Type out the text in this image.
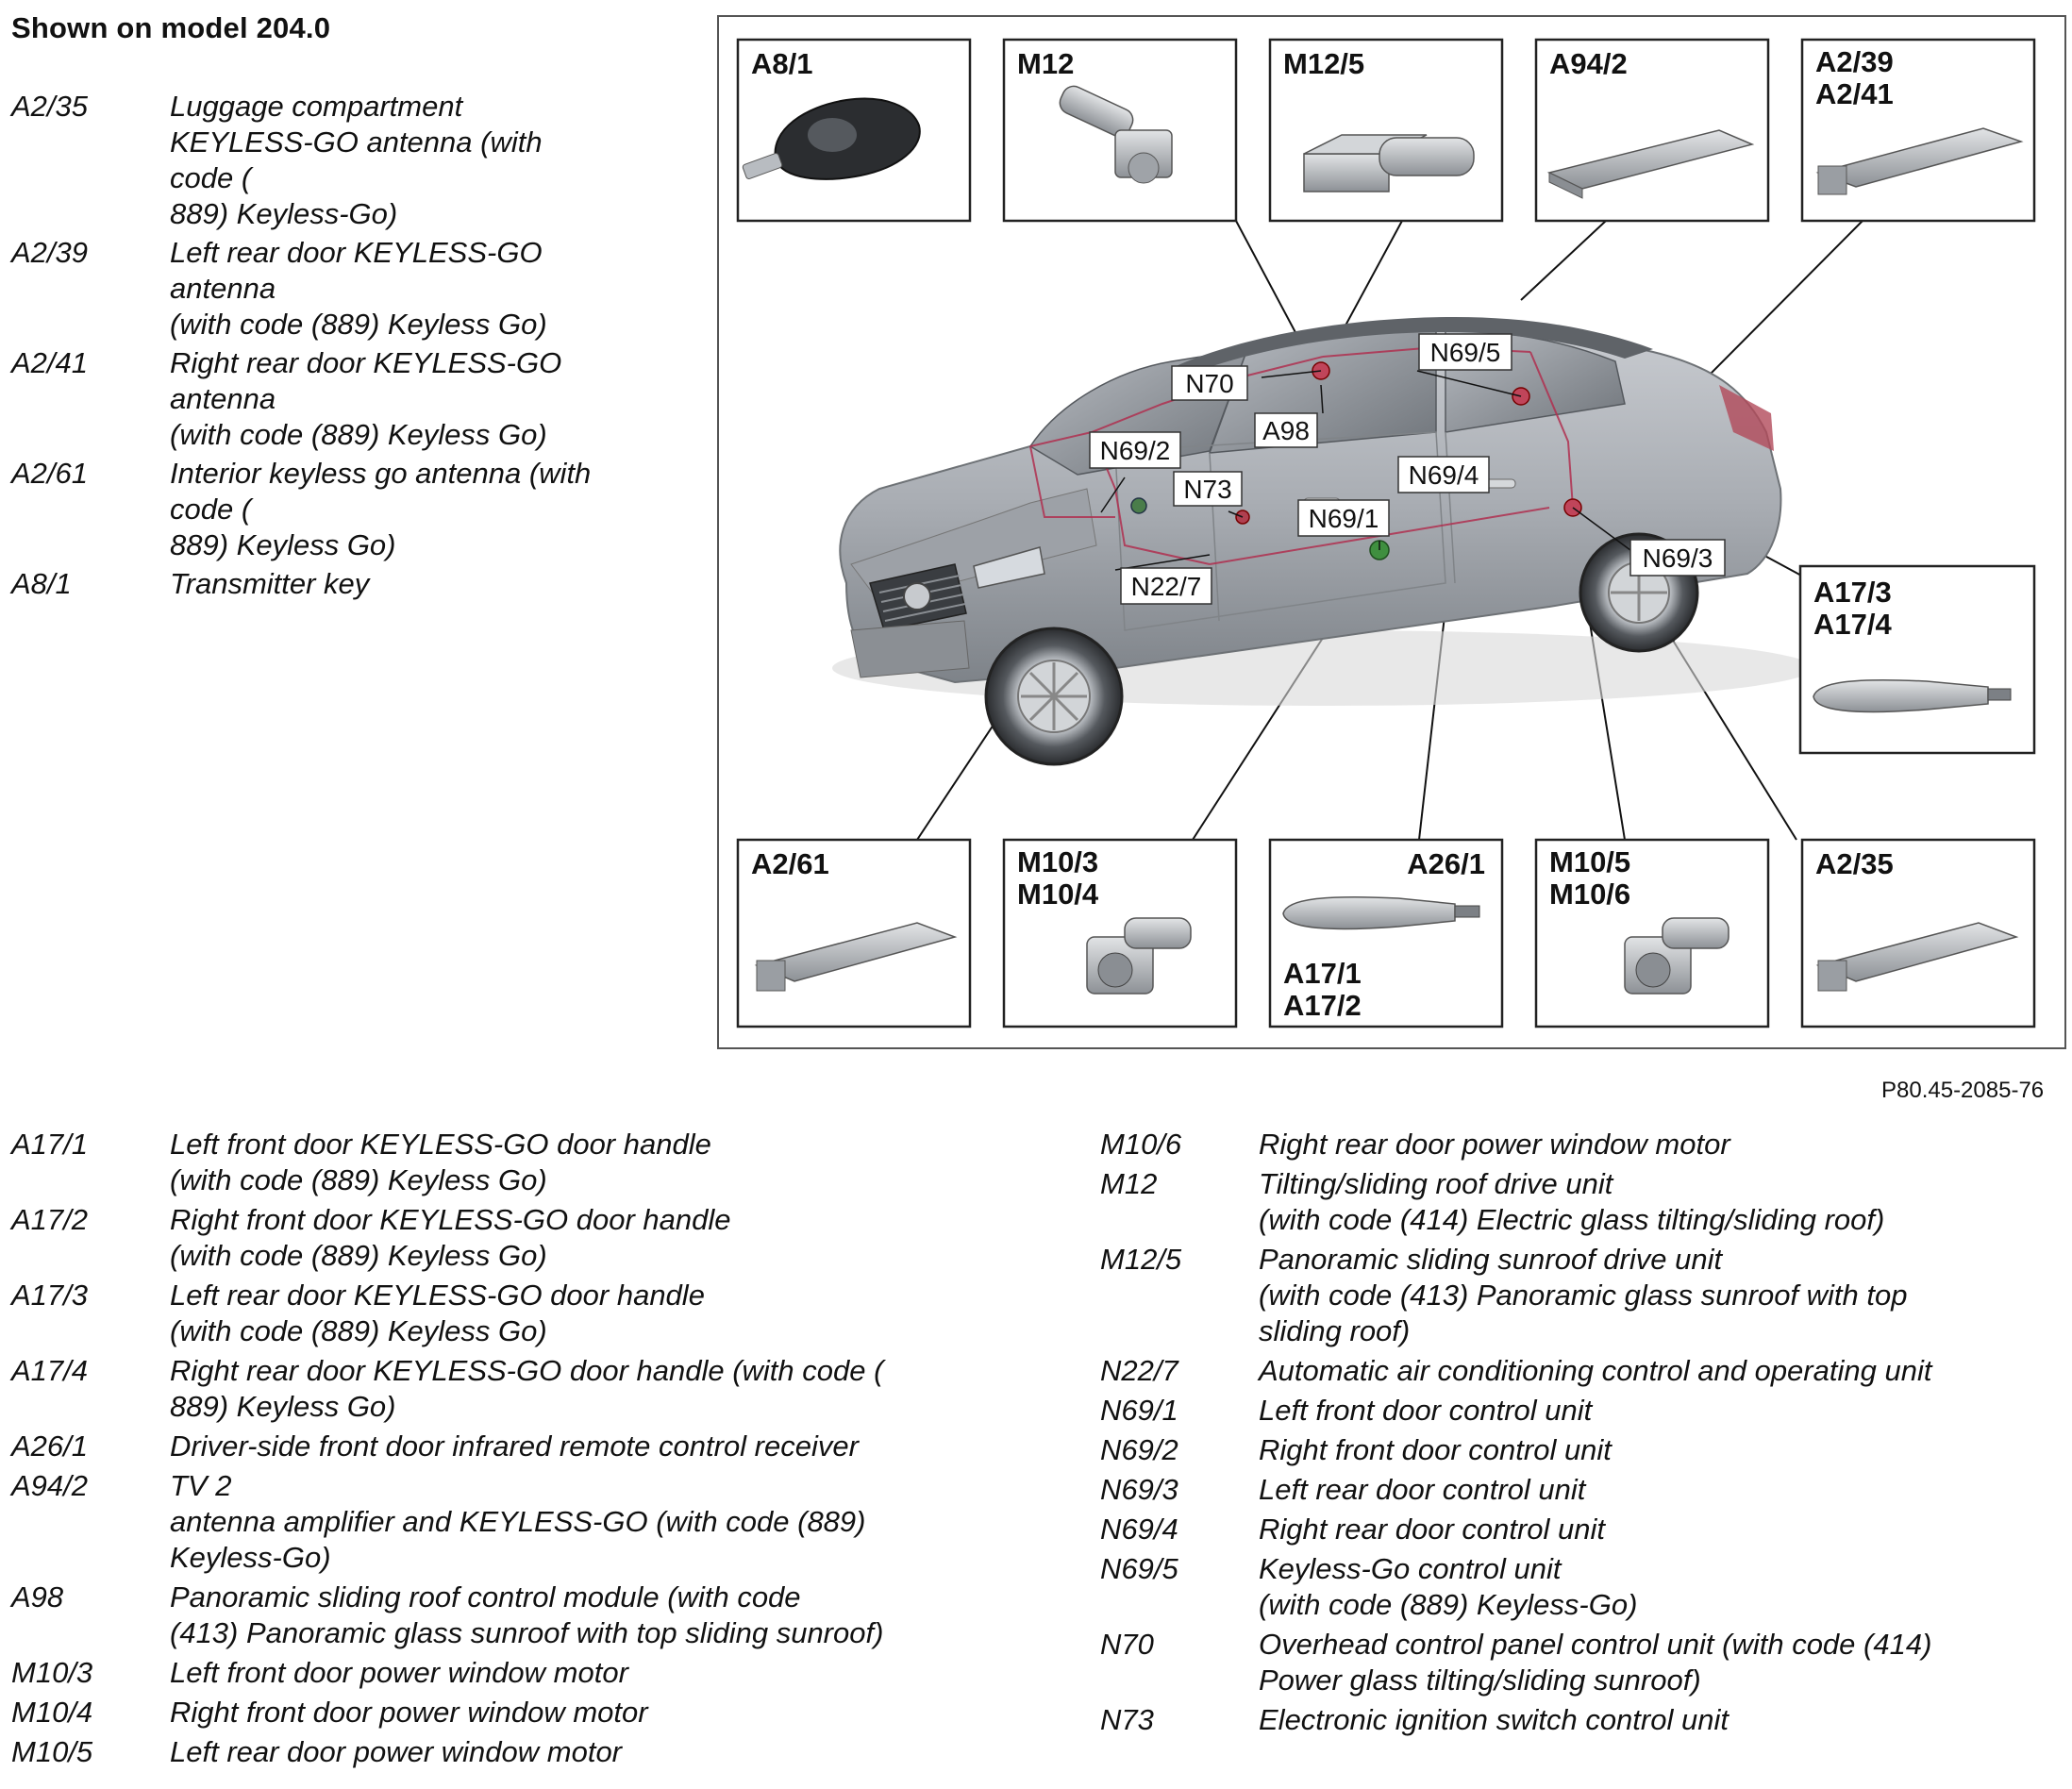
Shown on model 204.0
A2/35	Luggage compartment
KEYLESS-GO antenna (with
code (
889) Keyless-Go)
A2/39	Left rear door KEYLESS-GO
antenna
(with code (889) Keyless Go)
A2/41	Right rear door KEYLESS-GO
antenna
(with code (889) Keyless Go)
A2/61	Interior keyless go antenna (with
code (
889) Keyless Go)
A8/1	Transmitter key
A17/1	Left front door KEYLESS-GO door handle
(with code (889) Keyless Go)
A17/2	Right front door KEYLESS-GO door handle
(with code (889) Keyless Go)
A17/3	Left rear door KEYLESS-GO door handle
(with code (889) Keyless Go)
A17/4	Right rear door KEYLESS-GO door handle (with code (
889) Keyless Go)
A26/1	Driver-side front door infrared remote control receiver
A94/2	TV 2
antenna amplifier and KEYLESS-GO (with code (889)
Keyless-Go)
A98	Panoramic sliding roof control module (with code
(413) Panoramic glass sunroof with top sliding sunroof)
M10/3	Left front door power window motor
M10/4	Right front door power window motor
M10/5	Left rear door power window motor
M10/6	Right rear door power window motor
M12	Tilting/sliding roof drive unit
(with code (414) Electric glass tilting/sliding roof)
M12/5	Panoramic sliding sunroof drive unit
(with code (413) Panoramic glass sunroof with top
sliding roof)
N22/7	Automatic air conditioning control and operating unit
N69/1	Left front door control unit
N69/2	Right front door control unit
N69/3	Left rear door control unit
N69/4	Right rear door control unit
N69/5	Keyless-Go control unit
(with code (889) Keyless-Go)
N70	Overhead control panel control unit (with code (414)
Power glass tilting/sliding sunroof)
N73	Electronic ignition switch control unit
P80.45-2085-76
N69/5
N70
A98
N69/2
N73	N69/4
N69/1
N69/3
N22/7
A8/1	M12	M12/5	A94/2	A2/39
A2/41
A17/3
A17/4
A2/61	M10/3
M10/4
A26/1
A17/1
A17/2
M10/5
M10/6
A2/35
